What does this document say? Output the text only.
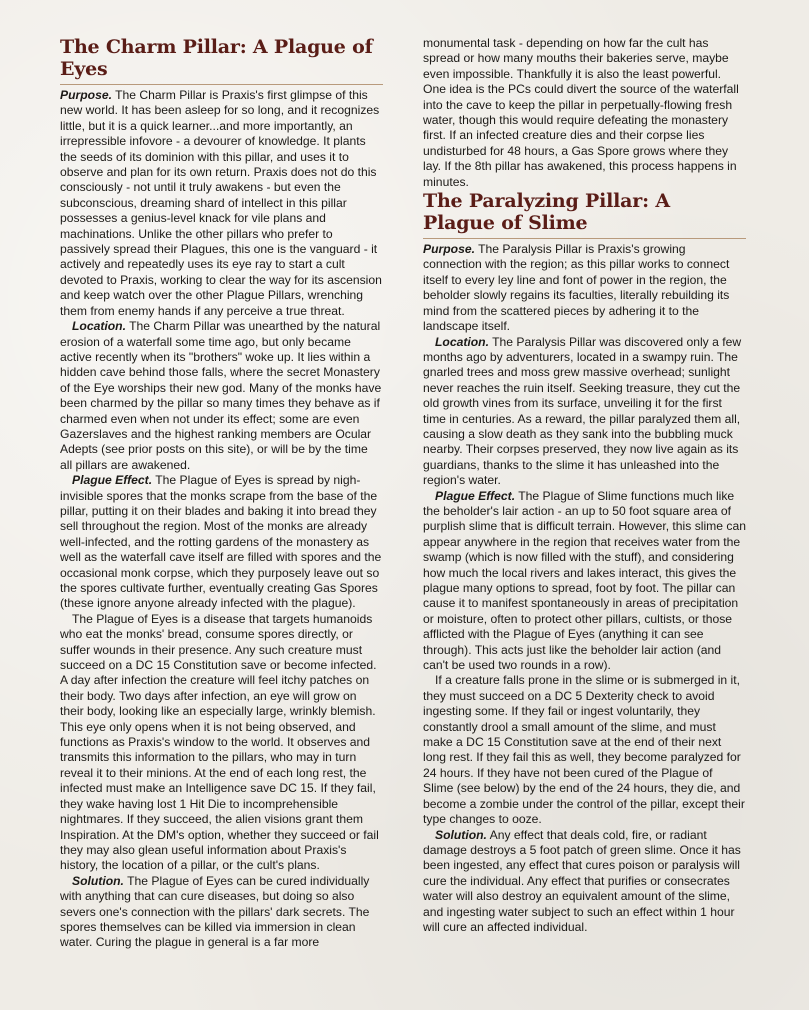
The Charm Pillar: A Plague of Eyes

Purpose. The Charm Pillar is Praxis's first glimpse of this new world. It has been asleep for so long, and it recognizes little, but it is a quick learner...and more importantly, an irrepressible infovore - a devourer of knowledge. It plants the seeds of its dominion with this pillar, and uses it to observe and plan for its own return. Praxis does not do this consciously - not until it truly awakens - but even the subconscious, dreaming shard of intellect in this pillar possesses a genius-level knack for vile plans and machinations. Unlike the other pillars who prefer to passively spread their Plagues, this one is the vanguard - it actively and repeatedly uses its eye ray to start a cult devoted to Praxis, working to clear the way for its ascension and keep watch over the other Plague Pillars, wrenching them from enemy hands if any perceive a true threat.

Location. The Charm Pillar was unearthed by the natural erosion of a waterfall some time ago, but only became active recently when its "brothers" woke up. It lies within a hidden cave behind those falls, where the secret Monastery of the Eye worships their new god. Many of the monks have been charmed by the pillar so many times they behave as if charmed even when not under its effect; some are even Gazerslaves and the highest ranking members are Ocular Adepts (see prior posts on this site), or will be by the time all pillars are awakened.

Plague Effect. The Plague of Eyes is spread by nigh-invisible spores that the monks scrape from the base of the pillar, putting it on their blades and baking it into bread they sell throughout the region. Most of the monks are already well-infected, and the rotting gardens of the monastery as well as the waterfall cave itself are filled with spores and the occasional monk corpse, which they purposely leave out so the spores cultivate further, eventually creating Gas Spores (these ignore anyone already infected with the plague).

The Plague of Eyes is a disease that targets humanoids who eat the monks' bread, consume spores directly, or suffer wounds in their presence. Any such creature must succeed on a DC 15 Constitution save or become infected. A day after infection the creature will feel itchy patches on their body. Two days after infection, an eye will grow on their body, looking like an especially large, wrinkly blemish. This eye only opens when it is not being observed, and functions as Praxis's window to the world. It observes and transmits this information to the pillars, who may in turn reveal it to their minions. At the end of each long rest, the infected must make an Intelligence save DC 15. If they fail, they wake having lost 1 Hit Die to incomprehensible nightmares. If they succeed, the alien visions grant them Inspiration. At the DM's option, whether they succeed or fail they may also glean useful information about Praxis's history, the location of a pillar, or the cult's plans.

Solution. The Plague of Eyes can be cured individually with anything that can cure diseases, but doing so also severs one's connection with the pillars' dark secrets. The spores themselves can be killed via immersion in clean water. Curing the plague in general is a far more

monumental task - depending on how far the cult has spread or how many mouths their bakeries serve, maybe even impossible. Thankfully it is also the least powerful. One idea is the PCs could divert the source of the waterfall into the cave to keep the pillar in perpetually-flowing fresh water, though this would require defeating the monastery first. If an infected creature dies and their corpse lies undisturbed for 48 hours, a Gas Spore grows where they lay. If the 8th pillar has awakened, this process happens in minutes.

The Paralyzing Pillar: A Plague of Slime

Purpose. The Paralysis Pillar is Praxis's growing connection with the region; as this pillar works to connect itself to every ley line and font of power in the region, the beholder slowly regains its faculties, literally rebuilding its mind from the scattered pieces by adhering it to the landscape itself.

Location. The Paralysis Pillar was discovered only a few months ago by adventurers, located in a swampy ruin. The gnarled trees and moss grew massive overhead; sunlight never reaches the ruin itself. Seeking treasure, they cut the old growth vines from its surface, unveiling it for the first time in centuries. As a reward, the pillar paralyzed them all, causing a slow death as they sank into the bubbling muck nearby. Their corpses preserved, they now live again as its guardians, thanks to the slime it has unleashed into the region's water.

Plague Effect. The Plague of Slime functions much like the beholder's lair action - an up to 50 foot square area of purplish slime that is difficult terrain. However, this slime can appear anywhere in the region that receives water from the swamp (which is now filled with the stuff), and considering how much the local rivers and lakes interact, this gives the plague many options to spread, foot by foot. The pillar can cause it to manifest spontaneously in areas of precipitation or moisture, often to protect other pillars, cultists, or those afflicted with the Plague of Eyes (anything it can see through). This acts just like the beholder lair action (and can't be used two rounds in a row).

If a creature falls prone in the slime or is submerged in it, they must succeed on a DC 5 Dexterity check to avoid ingesting some. If they fail or ingest voluntarily, they constantly drool a small amount of the slime, and must make a DC 15 Constitution save at the end of their next long rest. If they fail this as well, they become paralyzed for 24 hours. If they have not been cured of the Plague of Slime (see below) by the end of the 24 hours, they die, and become a zombie under the control of the pillar, except their type changes to ooze.

Solution. Any effect that deals cold, fire, or radiant damage destroys a 5 foot patch of green slime. Once it has been ingested, any effect that cures poison or paralysis will cure the individual. Any effect that purifies or consecrates water will also destroy an equivalent amount of the slime, and ingesting water subject to such an effect within 1 hour will cure an affected individual.
